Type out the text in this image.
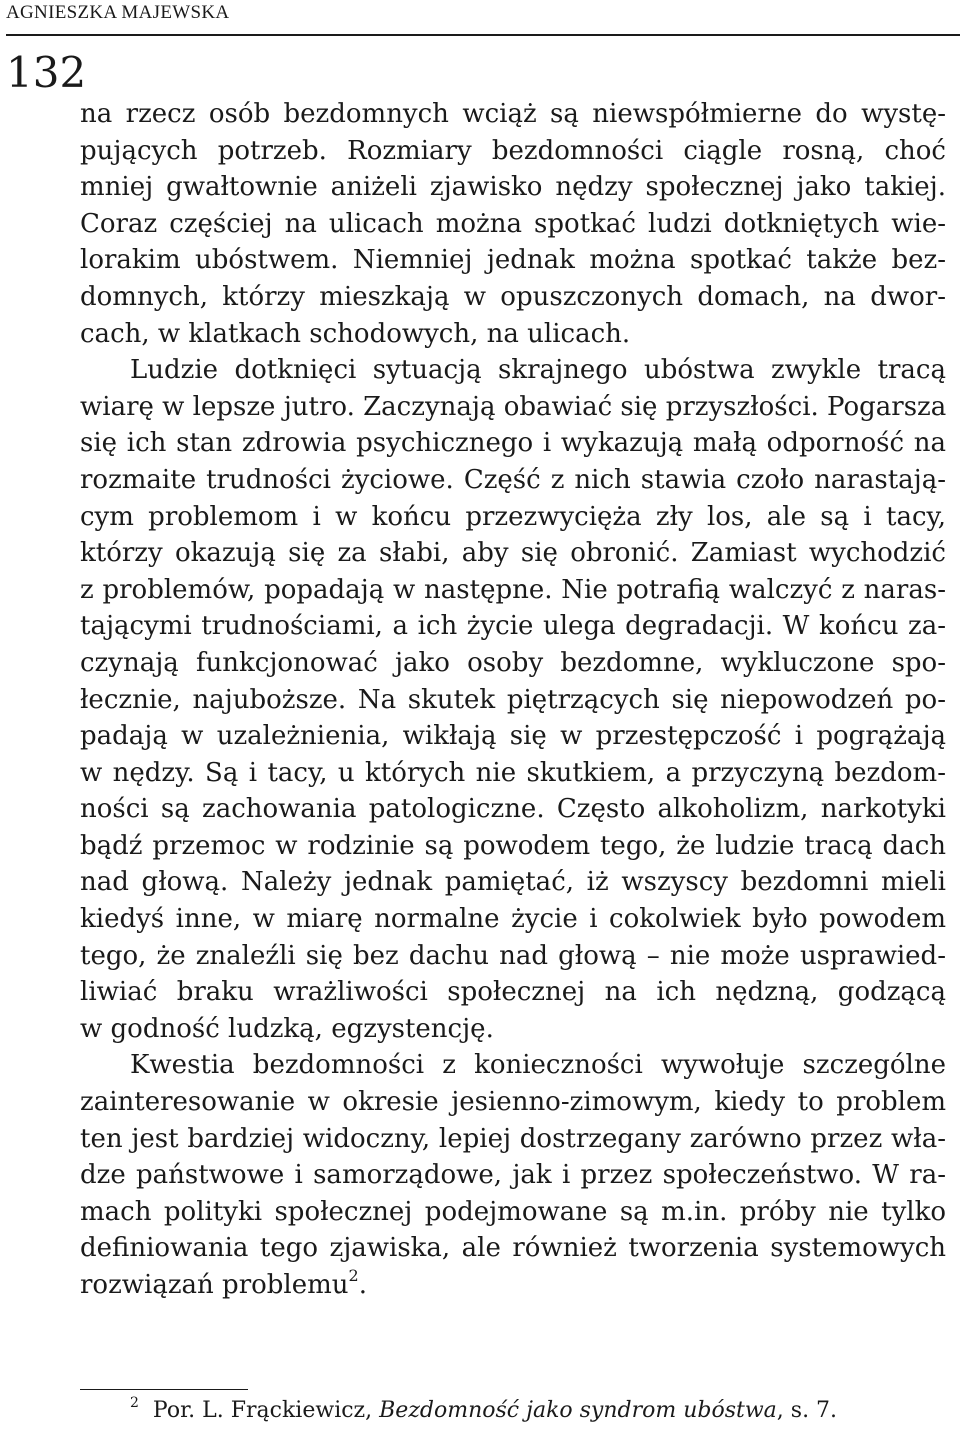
AGNIESZKA MAJEWSKA
132
na rzecz osób bezdomnych wciąż są niewspółmierne do wystę-
pujących potrzeb. Rozmiary bezdomności ciągle rosną, choć
mniej gwałtownie aniżeli zjawisko nędzy społecznej jako takiej.
Coraz częściej na ulicach można spotkać ludzi dotkniętych wie-
lorakim ubóstwem. Niemniej jednak można spotkać także bez-
domnych, którzy mieszkają w opuszczonych domach, na dwor-
cach, w klatkach schodowych, na ulicach.
Ludzie dotknięci sytuacją skrajnego ubóstwa zwykle tracą
wiarę w lepsze jutro. Zaczynają obawiać się przyszłości. Pogarsza
się ich stan zdrowia psychicznego i wykazują małą odporność na
rozmaite trudności życiowe. Część z nich stawia czoło narastają-
cym problemom i w końcu przezwycięża zły los, ale są i tacy,
którzy okazują się za słabi, aby się obronić. Zamiast wychodzić
z problemów, popadają w następne. Nie potrafią walczyć z naras-
tającymi trudnościami, a ich życie ulega degradacji. W końcu za-
czynają funkcjonować jako osoby bezdomne, wykluczone spo-
łecznie, najuboższe. Na skutek piętrzących się niepowodzeń po-
padają w uzależnienia, wikłają się w przestępczość i pogrążają
w nędzy. Są i tacy, u których nie skutkiem, a przyczyną bezdom-
ności są zachowania patologiczne. Często alkoholizm, narkotyki
bądź przemoc w rodzinie są powodem tego, że ludzie tracą dach
nad głową. Należy jednak pamiętać, iż wszyscy bezdomni mieli
kiedyś inne, w miarę normalne życie i cokolwiek było powodem
tego, że znaleźli się bez dachu nad głową – nie może usprawied-
liwiać braku wrażliwości społecznej na ich nędzną, godzącą
w godność ludzką, egzystencję.
Kwestia bezdomności z konieczności wywołuje szczególne
zainteresowanie w okresie jesienno-zimowym, kiedy to problem
ten jest bardziej widoczny, lepiej dostrzegany zarówno przez wła-
dze państwowe i samorządowe, jak i przez społeczeństwo. W ra-
mach polityki społecznej podejmowane są m.in. próby nie tylko
definiowania tego zjawiska, ale również tworzenia systemowych
rozwiązań problemu$^2$.
$^2$ Por. L. Frąckiewicz, Bezdomność jako syndrom ubóstwa, s. 7.
